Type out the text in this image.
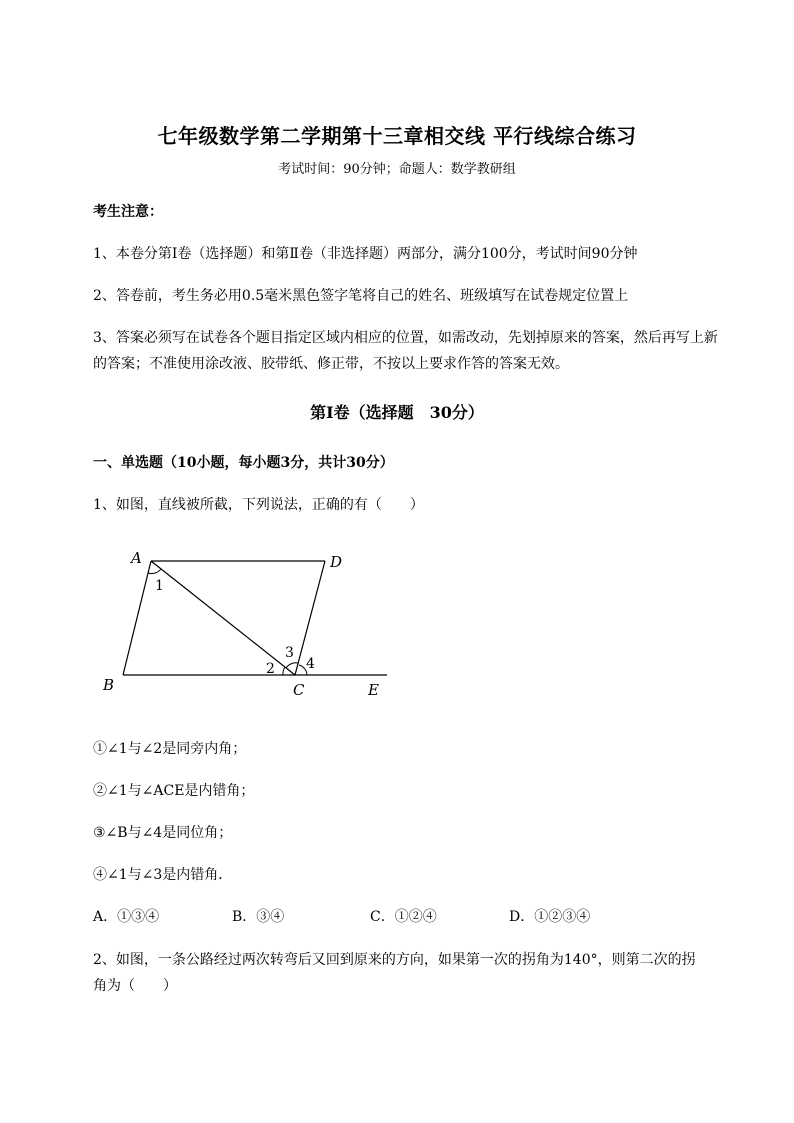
七年级数学第二学期第十三章相交线 平行线综合练习
考试时间：90分钟；命题人：数学教研组
考生注意：
1、本卷分第Ⅰ卷（选择题）和第Ⅱ卷（非选择题）两部分，满分100分，考试时间90分钟
2、答卷前，考生务必用0.5毫米黑色签字笔将自己的姓名、班级填写在试卷规定位置上
3、答案必须写在试卷各个题目指定区域内相应的位置，如需改动，先划掉原来的答案，然后再写上新
的答案；不准使用涂改液、胶带纸、修正带，不按以上要求作答的答案无效。
第Ⅰ卷（选择题　30分）
一、单选题（10小题，每小题3分，共计30分）
1、如图，直线被所截，下列说法，正确的有（　　）
A	D
B	C	E
1
2
3
4
①∠1与∠2是同旁内角；
②∠1与∠ACE是内错角；
③∠B与∠4是同位角；
④∠1与∠3是内错角．
A．①③④	B．③④	C．①②④	D．①②③④
2、如图，一条公路经过两次转弯后又回到原来的方向，如果第一次的拐角为140°，则第二次的拐
角为（　　）
